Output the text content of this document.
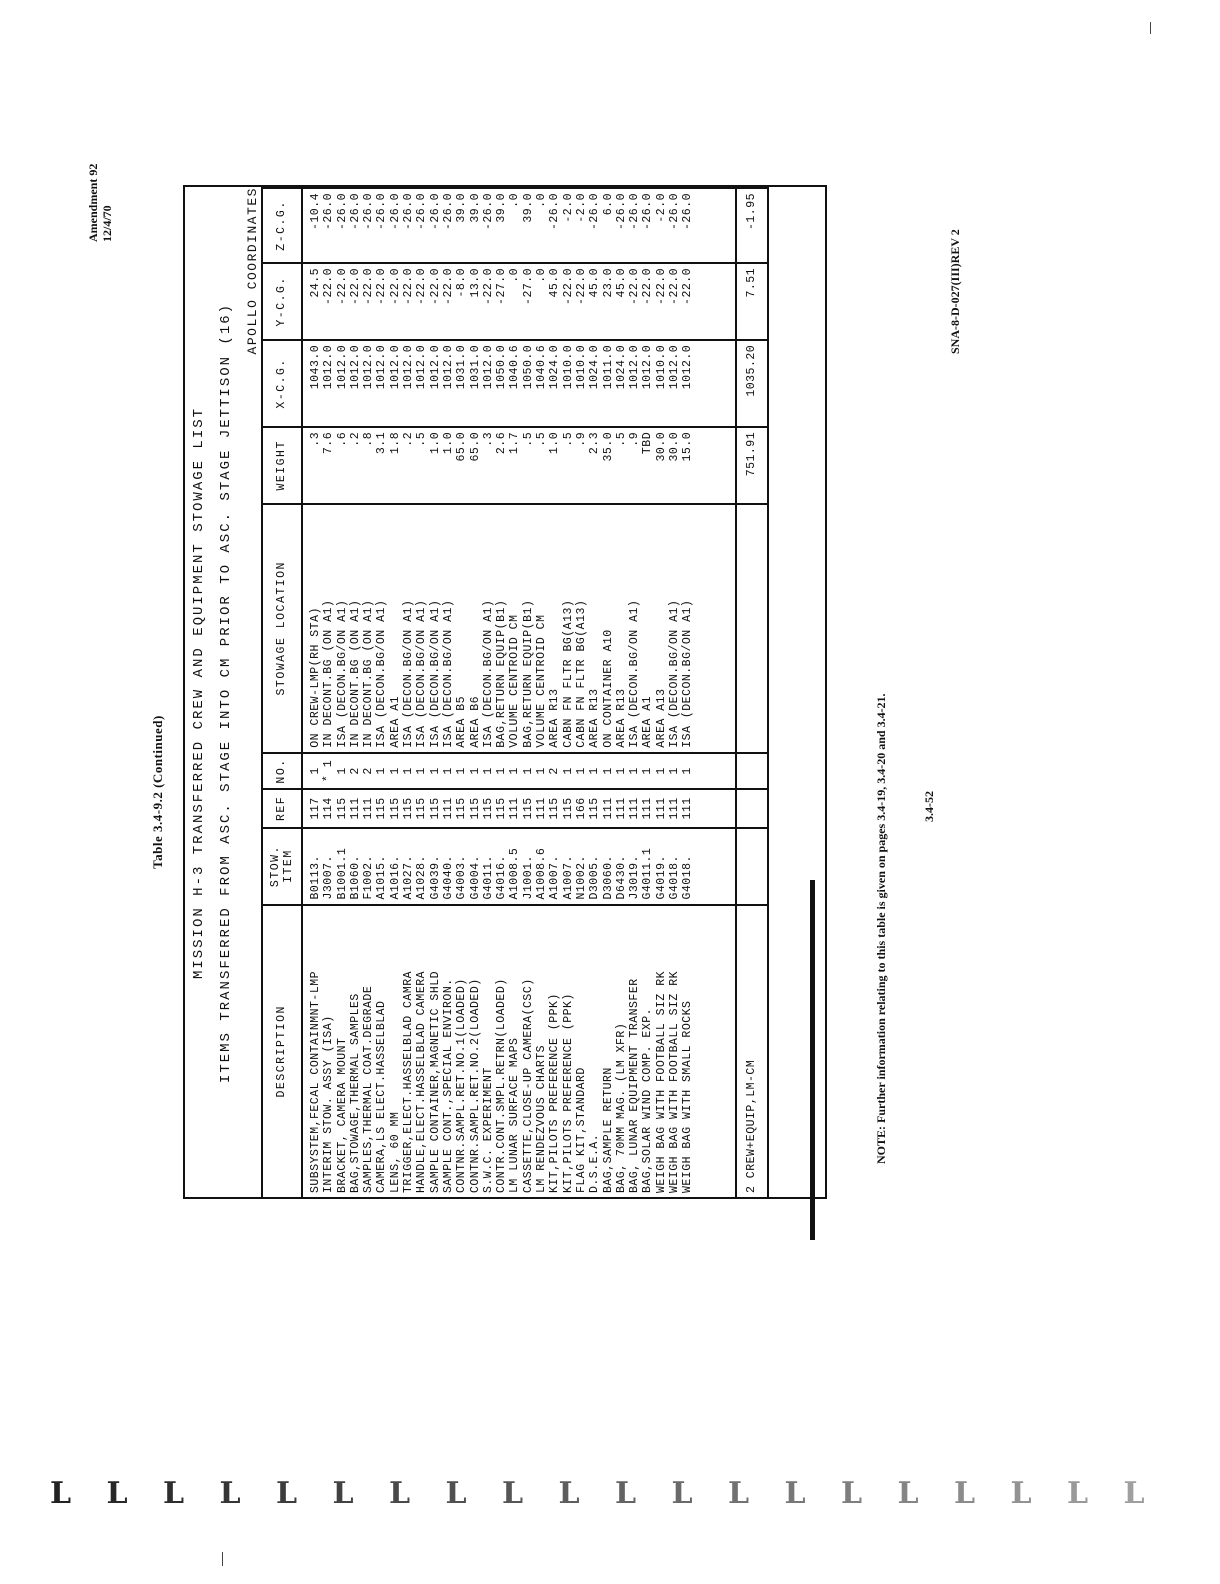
Amendment 92 12/4/70
Table 3.4-9.2 (Continued)	MISSION H-3 TRANSFERRED CREW AND EQUIPMENT STOWAGE LIST ITEMS TRANSFERRED FROM ASC. STAGE INTO CM PRIOR TO ASC. STAGE JETTISON (16)
APOLLO COORDINATES
DESCRIPTION	STOW. ITEM	REF	NO.	STOWAGE LOCATION	WEIGHT	X-C.G.	Y-C.G.	Z-C.G.
SUBSYSTEM,FECAL CONTAINMNT-LMP	B0113.	117	1	ON CREW-LMP(RH STA)	.3	1043.0	24.5	-10.4
INTERIM STOW. ASSY (ISA)	J3007.	114	* 1	IN DECONT.BG (ON A1)	7.6	1012.0	-22.0	-26.0
BRACKET, CAMERA MOUNT	B1001.1	115	1	ISA (DECON.BG/ON A1)	.6	1012.0	-22.0	-26.0
BAG,STOWAGE,THERMAL SAMPLES	B1060.	111	2	IN DECONT.BG (ON A1)	.2	1012.0	-22.0	-26.0
SAMPLES,THERMAL COAT.DEGRADE	F1002.	111	2	IN DECONT.BG (ON A1)	.8	1012.0	-22.0	-26.0
CAMERA,LS ELECT.HASSELBLAD	A1015.	115	1	ISA (DECON.BG/ON A1)	3.1	1012.0	-22.0	-26.0
LENS, 60 MM	A1016.	115	1	AREA A1	1.8	1012.0	-22.0	-26.0
TRIGGER,ELECT.HASSELBLAD CAMRA	A1027.	115	1	ISA (DECON.BG/ON A1)	.2	1012.0	-22.0	-26.0
HANDLE,ELECT.HASSELBLAD CAMERA	A1028.	115	1	ISA (DECON.BG/ON A1)	.5	1012.0	-22.0	-26.0
SAMPLE CONTAINER,MAGNETIC SHLD	G4039.	115	1	ISA (DECON.BG/ON A1)	1.0	1012.0	-22.0	-26.0
SAMPLE CONT.,SPECIAL ENVIRON.	G4040.	111	1	ISA (DECON.BG/ON A1)	1.0	1012.0	-22.0	-26.0
CONTNR.SAMPL.RET.NO.1(LOADED)	G4003.	115	1	AREA B5	65.0	1031.0	-8.0	39.0
CONTNR.SAMPL.RET.NO.2(LOADED)	G4004.	115	1	AREA B6	65.0	1031.0	13.0	39.0
S.W.C. EXPERIMENT	G4011.	115	1	ISA (DECON.BG/ON A1)	.3	1012.0	-22.0	-26.0
CONTR.CONT.SMPL.RETRN(LOADED)	G4016.	115	1	BAG,RETURN EQUIP(B1)	2.6	1050.0	-27.0	39.0
LM LUNAR SURFACE MAPS	A1008.5	111	1	VOLUME CENTROID CM	1.7	1040.6	.0	.0
CASSETTE,CLOSE-UP CAMERA(CSC)	J1001.	115	1	BAG,RETURN EQUIP(B1)	.5	1050.0	-27.0	39.0
LM RENDEZVOUS CHARTS	A1008.6	111	1	VOLUME CENTROID CM	.5	1040.6	.0	.0
KIT,PILOTS PREFERENCE (PPK)	A1007.	115	2	AREA R13	1.0	1024.0	45.0	-26.0
KIT,PILOTS PREFERENCE (PPK)	A1007.	115	1	CABN FN FLTR BG(A13)	.5	1010.0	-22.0	-2.0
FLAG KIT,STANDARD	N1002.	166	1	CABN FN FLTR BG(A13)	.9	1010.0	-22.0	-2.0
D.S.E.A.	D3005.	115	1	AREA R13	2.3	1024.0	45.0	-26.0
BAG,SAMPLE RETURN	D3060.	111	1	ON CONTAINER A10	35.0	1011.0	23.0	6.0
BAG, 70MM MAG. (LM XFR)	D6430.	111	1	AREA R13	.5	1024.0	45.0	-26.0
BAG, LUNAR EQUIPMENT TRANSFER	J3019.	111	1	ISA (DECON.BG/ON A1)	.9	1012.0	-22.0	-26.0
BAG,SOLAR WIND COMP. EXP.	G4011.1	111	1	AREA A1	TBD	1012.0	-22.0	-26.0
WEIGH BAG WITH FOOTBALL SIZ RK	G4019.	111	1	AREA A13	30.0	1010.0	-22.0	-2.0
WEIGH BAG WITH FOOTBALL SIZ RK	G4018.	111	1	ISA (DECON.BG/ON A1)	30.0	1012.0	-22.0	-26.0
WEIGH BAG WITH SMALL ROCKS	G4018.	111	1	ISA (DECON.BG/ON A1)	15.0	1012.0	-22.0	-26.0

2 CREW+EQUIP,LM-CM					751.91	1035.20	7.51	-1.95
NOTE: Further information relating to this table is given on pages 3.4-19, 3.4-20 and 3.4-21.	3.4-52
SNA-8-D-027(III)REV 2
L L L L L L L L L L L L L L L L L L L L
